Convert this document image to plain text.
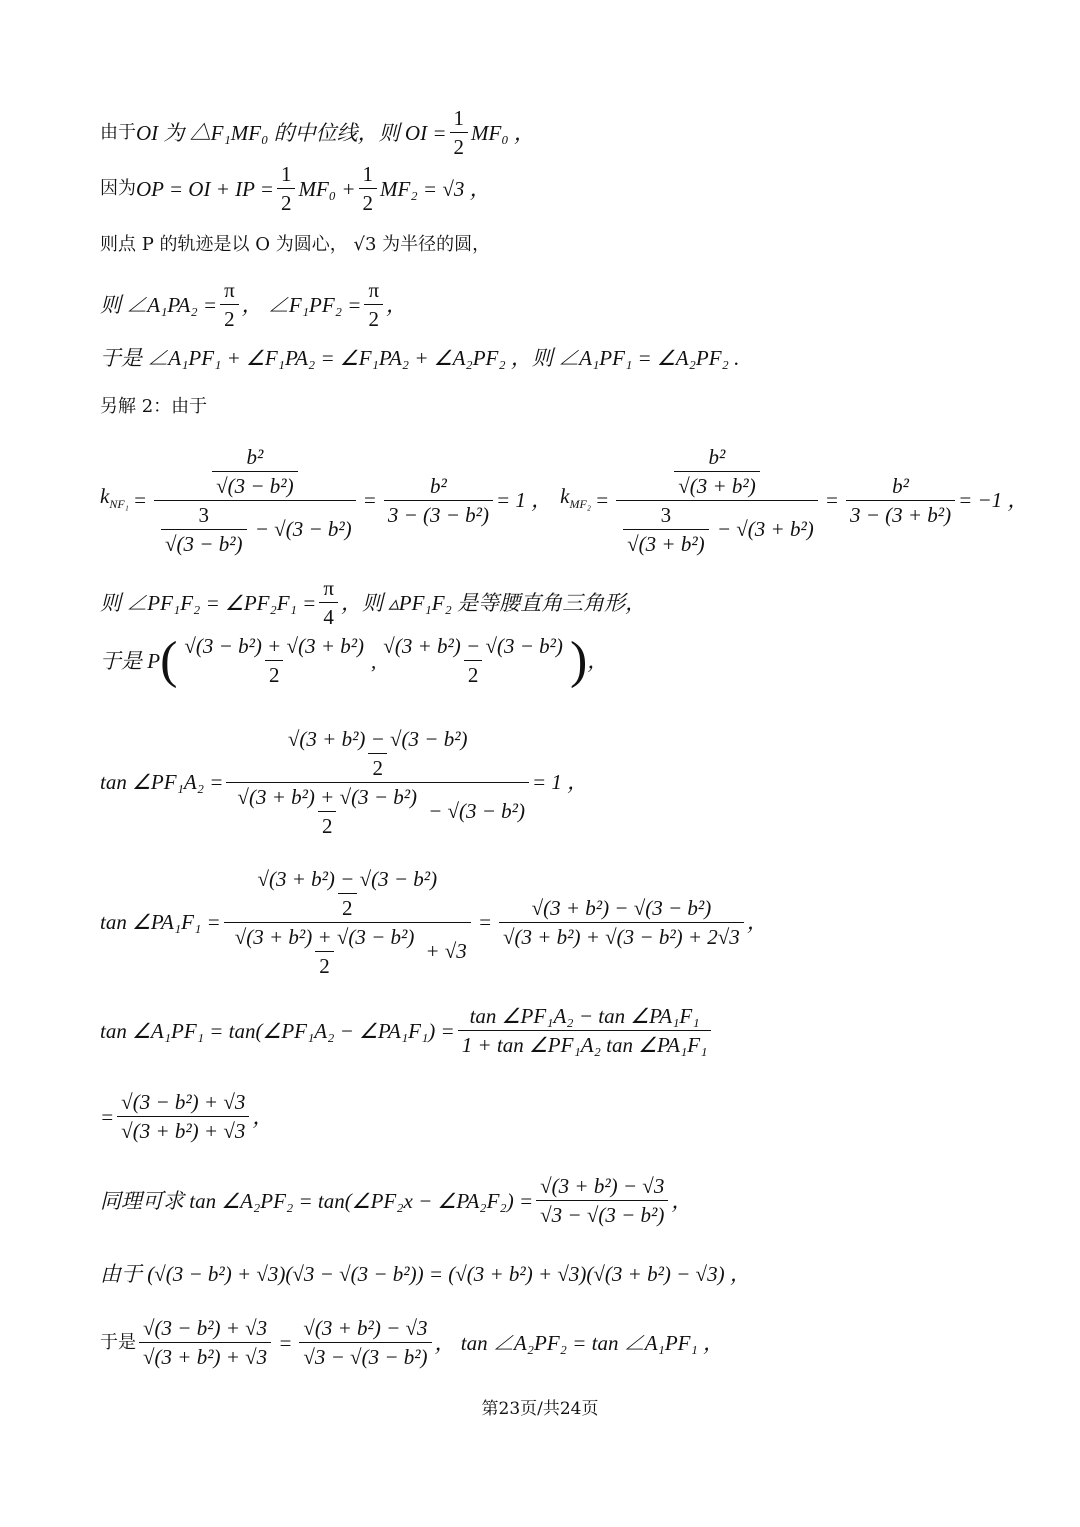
由于 OI 为 △F₁MF₀ 的中位线，则 OI = $\frac{1}{2} MF_0$ ，
因为 OP = OI + IP = $\frac{1}{2} MF_0 + \frac{1}{2} MF_2 = √3$ ，
则点 P 的轨迹是以 O 为圆心， √3 为半径的圆，
则 ∠A₁PA₂ = $\frac{\pi}{2}$ ， ∠F₁PF₂ = $\frac{\pi}{2}$ ，
于是 ∠A₁PF₁ + ∠F₁PA₂ = ∠F₁PA₂ + ∠A₂PF₂ ，则 ∠A₁PF₁ = ∠A₂PF₂ .
另解 2：由于
$k_{NF_1} = \frac{\frac{\text{b²}}{\text{√(3 − b²)}}}{\frac{3}{\text{√(3 − b²)}} - √(3 - b^2)} = \frac{\text{b²}}{\text{3 − (3 − b²)}} = 1$ ， $k_{MF_2} = \frac{\frac{\text{b²}}{\text{√(3 + b²)}}}{\frac{3}{\text{√(3 + b²)}} - √(3 + b^2)} = \frac{\text{b²}}{\text{3 − (3 + b²)}} = -1$ ，
则 ∠PF₁F₂ = ∠PF₂F₁ = $\frac{\pi}{4}$ ，则 ▵PF₁F₂ 是等腰直角三角形，
于是 P ( $\frac{\text{√(3 − b²) + √(3 + b²)}}{2}$ , $\frac{\text{√(3 + b²) − √(3 − b²)}}{2}$ ) ，
tan ∠PF₁A₂ = $\frac{\frac{\text{√(3 + b²) − √(3 − b²)}}{2}}{\frac{\text{√(3 + b²) + √(3 − b²)}}{2} - √(3 - b^2)} = 1$ ，
tan ∠PA₁F₁ = $\frac{\frac{\text{√(3 + b²) − √(3 − b²)}}{2}}{\frac{\text{√(3 + b²) + √(3 − b²)}}{2} + √3} = \frac{\text{√(3 + b²) − √(3 − b²)}}{\text{√(3 + b²) + √(3 − b²) + 2√3}}$ ，
tan ∠A₁PF₁ = tan(∠PF₁A₂ − ∠PA₁F₁) = $\frac{\text{tan ∠PF₁A₂ − tan ∠PA₁F₁}}{\text{1 + tan ∠PF₁A₂ tan ∠PA₁F₁}}$
= $\frac{\text{√(3 − b²) + √3}}{\text{√(3 + b²) + √3}}$ ，
同理可求 tan ∠A₂PF₂ = tan(∠PF₂x − ∠PA₂F₂) = $\frac{\text{√(3 + b²) − √3}}{\text{√3 − √(3 − b²)}}$ ，
由于 (√(3 − b²) + √3)(√3 − √(3 − b²)) = (√(3 + b²) + √3)(√(3 + b²) − √3) ，
于是 $\frac{\text{√(3 − b²) + √3}}{\text{√(3 + b²) + √3}} = \frac{\text{√(3 + b²) − √3}}{\text{√3 − √(3 − b²)}}$ ， tan ∠A₂PF₂ = tan ∠A₁PF₁ ，
第23页/共24页
